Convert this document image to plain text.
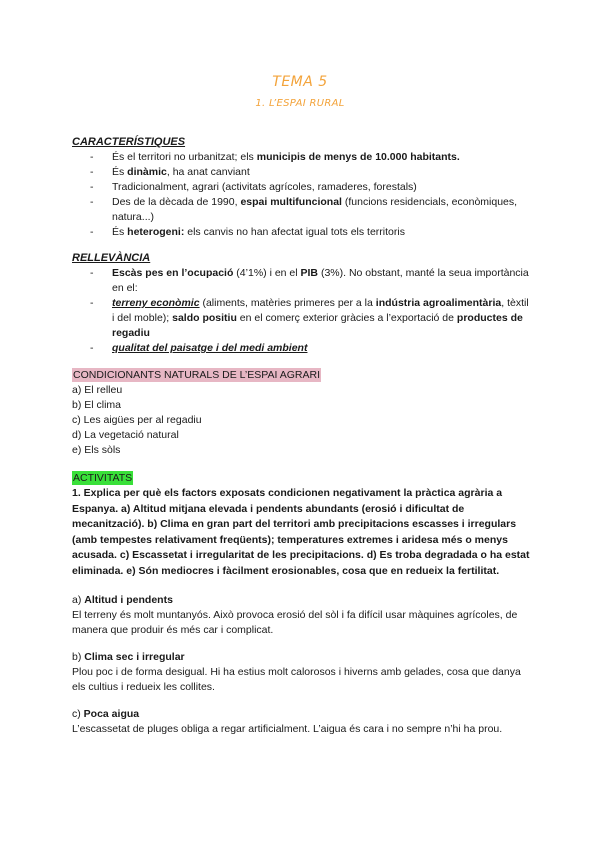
TEMA 5
1. L’ESPAI RURAL
CARACTERÍSTIQUES
- És el territori no urbanitzat; els municipis de menys de 10.000 habitants.
- És dinàmic, ha anat canviant
- Tradicionalment, agrari (activitats agrícoles, ramaderes, forestals)
- Des de la dècada de 1990, espai multifuncional (funcions residencials, econòmiques, natura...)
- És heterogeni: els canvis no han afectat igual tots els territoris
RELLEVÀNCIA
- Escàs pes en l’ocupació (4’1%) i en el PIB (3%). No obstant, manté la seua importància en el:
- terreny econòmic (aliments, matèries primeres per a la indústria agroalimentària, tèxtil i del moble); saldo positiu en el comerç exterior gràcies a l’exportació de productes de regadiu
- qualitat del paisatge i del medi ambient
CONDICIONANTS NATURALS DE L’ESPAI AGRARI
a) El relleu
b) El clima
c) Les aigües per al regadiu
d) La vegetació natural
e) Els sòls
ACTIVITATS

1. Explica per què els factors exposats condicionen negativament la pràctica agrària a Espanya. a) Altitud mitjana elevada i pendents abundants (erosió i dificultat de mecanització). b) Clima en gran part del territori amb precipitacions escasses i irregulars (amb tempestes relativament freqüents); temperatures extremes i aridesa més o menys acusada. c) Escassetat i irregularitat de les precipitacions. d) Es troba degradada o ha estat eliminada. e) Són mediocres i fàcilment erosionables, cosa que en redueix la fertilitat.

a) Altitud i pendents

El terreny és molt muntanyós. Això provoca erosió del sòl i fa difícil usar màquines agrícoles, de manera que produir és més car i complicat.

b) Clima sec i irregular

Plou poc i de forma desigual. Hi ha estius molt calorosos i hiverns amb gelades, cosa que danya els cultius i redueix les collites.

c) Poca aigua

L’escassetat de pluges obliga a regar artificialment. L’aigua és cara i no sempre n’hi ha prou.
